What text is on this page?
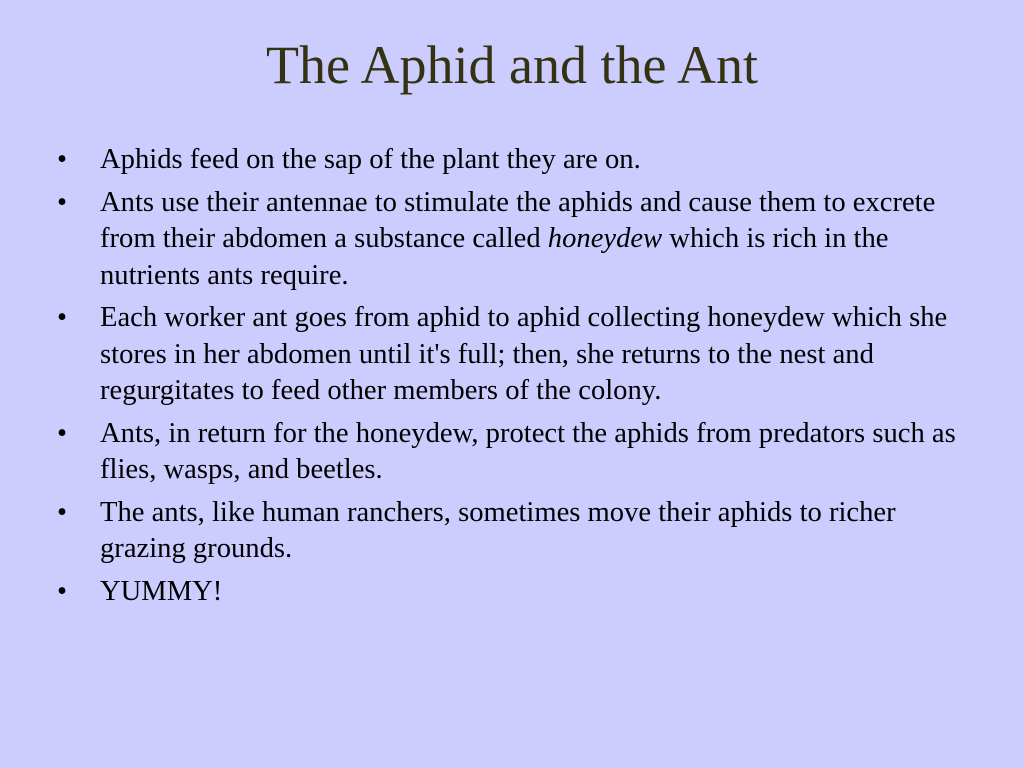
The Aphid and the Ant
•	Aphids feed on the sap of the plant they are on.
•	Ants use their antennae to stimulate the aphids and cause them to excrete from their abdomen a substance called honeydew which is rich in the nutrients ants require.
•	Each worker ant goes from aphid to aphid collecting honeydew which she stores in her abdomen until it's full; then, she returns to the nest and regurgitates to feed other members of the colony.
•	Ants, in return for the honeydew, protect the aphids from predators such as flies, wasps, and beetles.
•	The ants, like human ranchers, sometimes move their aphids to richer grazing grounds.
•	YUMMY!
